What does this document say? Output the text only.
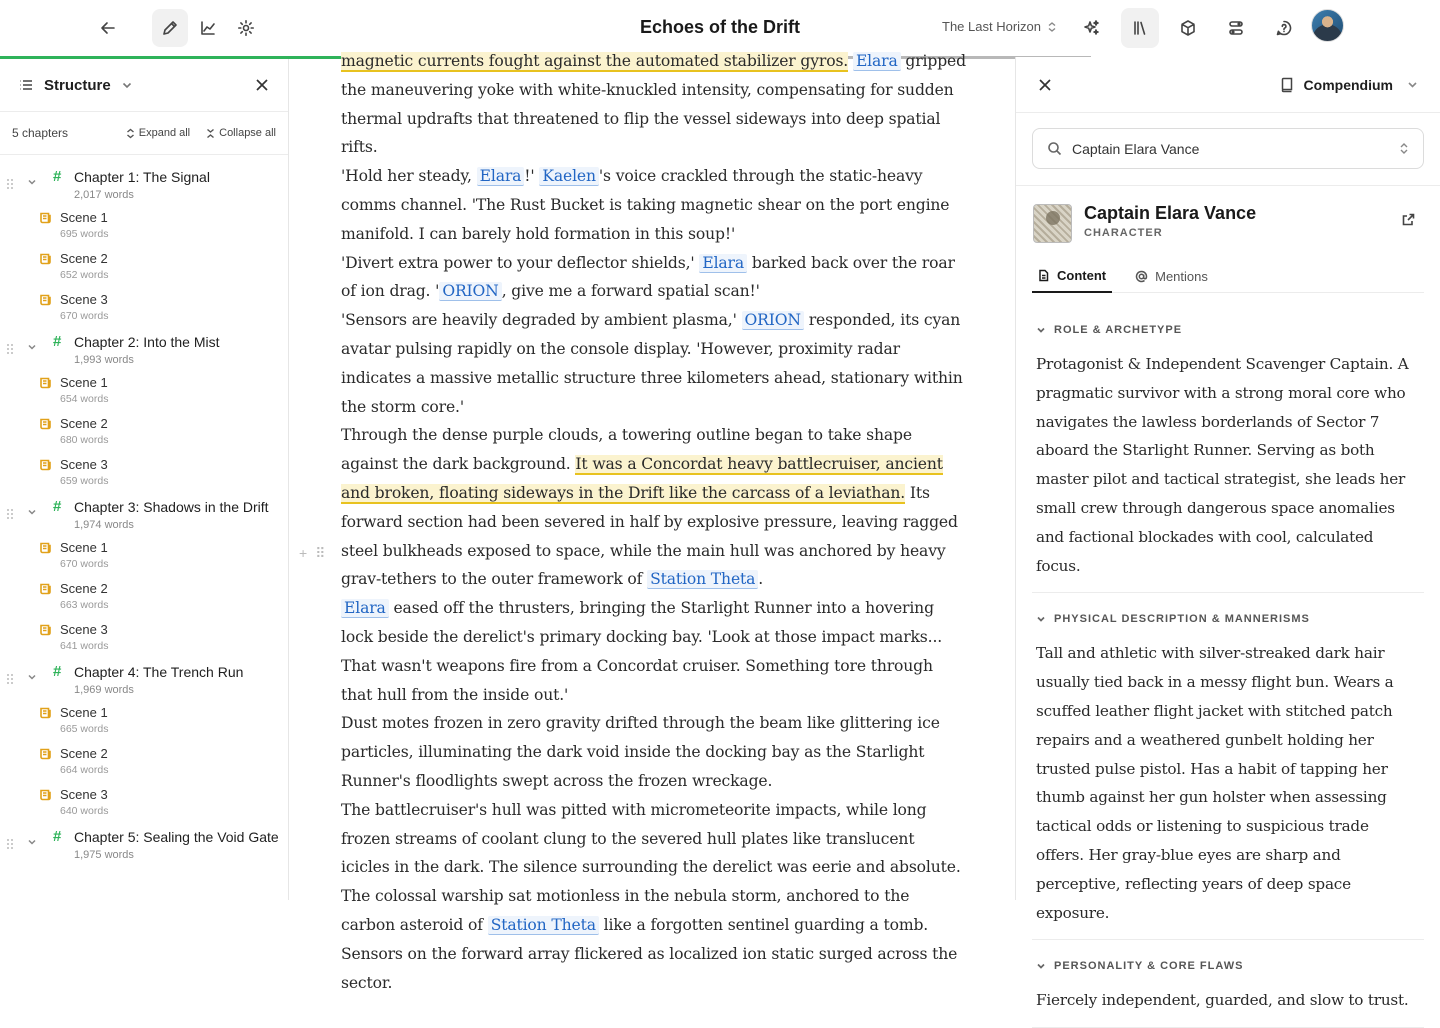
Echoes of the Drift	The Last Horizon
Structure
5 chapters	Expand all	Collapse all
# Chapter 1: The Signal
2,017 words
Scene 1
695 words
Scene 2
652 words
Scene 3
670 words
# Chapter 2: Into the Mist
1,993 words
Scene 1
654 words
Scene 2
680 words
Scene 3
659 words
# Chapter 3: Shadows in the Drift
1,974 words
Scene 1
670 words
Scene 2
663 words
Scene 3
641 words
# Chapter 4: The Trench Run
1,969 words
Scene 1
665 words
Scene 2
664 words
Scene 3
640 words
# Chapter 5: Sealing the Void Gate
1,975 words
+ ⠿

magnetic currents fought against the automated stabilizer gyros. Elara gripped the maneuvering yoke with white-knuckled intensity, compensating for sudden thermal updrafts that threatened to flip the vessel sideways into deep spatial rifts.

'Hold her steady, Elara !' Kaelen 's voice crackled through the static-heavy comms channel. 'The Rust Bucket is taking magnetic shear on the port engine manifold. I can barely hold formation in this soup!'

'Divert extra power to your deflector shields,' Elara barked back over the roar of ion drag. ' ORION , give me a forward spatial scan!'

'Sensors are heavily degraded by ambient plasma,' ORION responded, its cyan avatar pulsing rapidly on the console display. 'However, proximity radar indicates a massive metallic structure three kilometers ahead, stationary within the storm core.'

Through the dense purple clouds, a towering outline began to take shape against the dark background. It was a Concordat heavy battlecruiser, ancient and broken, floating sideways in the Drift like the carcass of a leviathan. Its forward section had been severed in half by explosive pressure, leaving ragged steel bulkheads exposed to space, while the main hull was anchored by heavy grav-tethers to the outer framework of Station Theta .

Elara eased off the thrusters, bringing the Starlight Runner into a hovering lock beside the derelict's primary docking bay. 'Look at those impact marks... That wasn't weapons fire from a Concordat cruiser. Something tore through that hull from the inside out.'

Dust motes frozen in zero gravity drifted through the beam like glittering ice particles, illuminating the dark void inside the docking bay as the Starlight Runner's floodlights swept across the frozen wreckage.

The battlecruiser's hull was pitted with micrometeorite impacts, while long frozen streams of coolant clung to the severed hull plates like translucent icicles in the dark. The silence surrounding the derelict was eerie and absolute. The colossal warship sat motionless in the nebula storm, anchored to the carbon asteroid of Station Theta like a forgotten sentinel guarding a tomb.

Sensors on the forward array flickered as localized ion static surged across the sector.

Compendium
Captain Elara Vance
Captain Elara Vance
CHARACTER
Content	Mentions
ROLE & ARCHETYPE
Protagonist & Independent Scavenger Captain. A pragmatic survivor with a strong moral core who navigates the lawless borderlands of Sector 7 aboard the Starlight Runner. Serving as both master pilot and tactical strategist, she leads her small crew through dangerous space anomalies and factional blockades with cool, calculated focus.
PHYSICAL DESCRIPTION & MANNERISMS
Tall and athletic with silver-streaked dark hair usually tied back in a messy flight bun. Wears a scuffed leather flight jacket with stitched patch repairs and a weathered gunbelt holding her trusted pulse pistol. Has a habit of tapping her thumb against her gun holster when assessing tactical odds or listening to suspicious trade offers. Her gray-blue eyes are sharp and perceptive, reflecting years of deep space exposure.
PERSONALITY & CORE FLAWS
Fiercely independent, guarded, and slow to trust.
